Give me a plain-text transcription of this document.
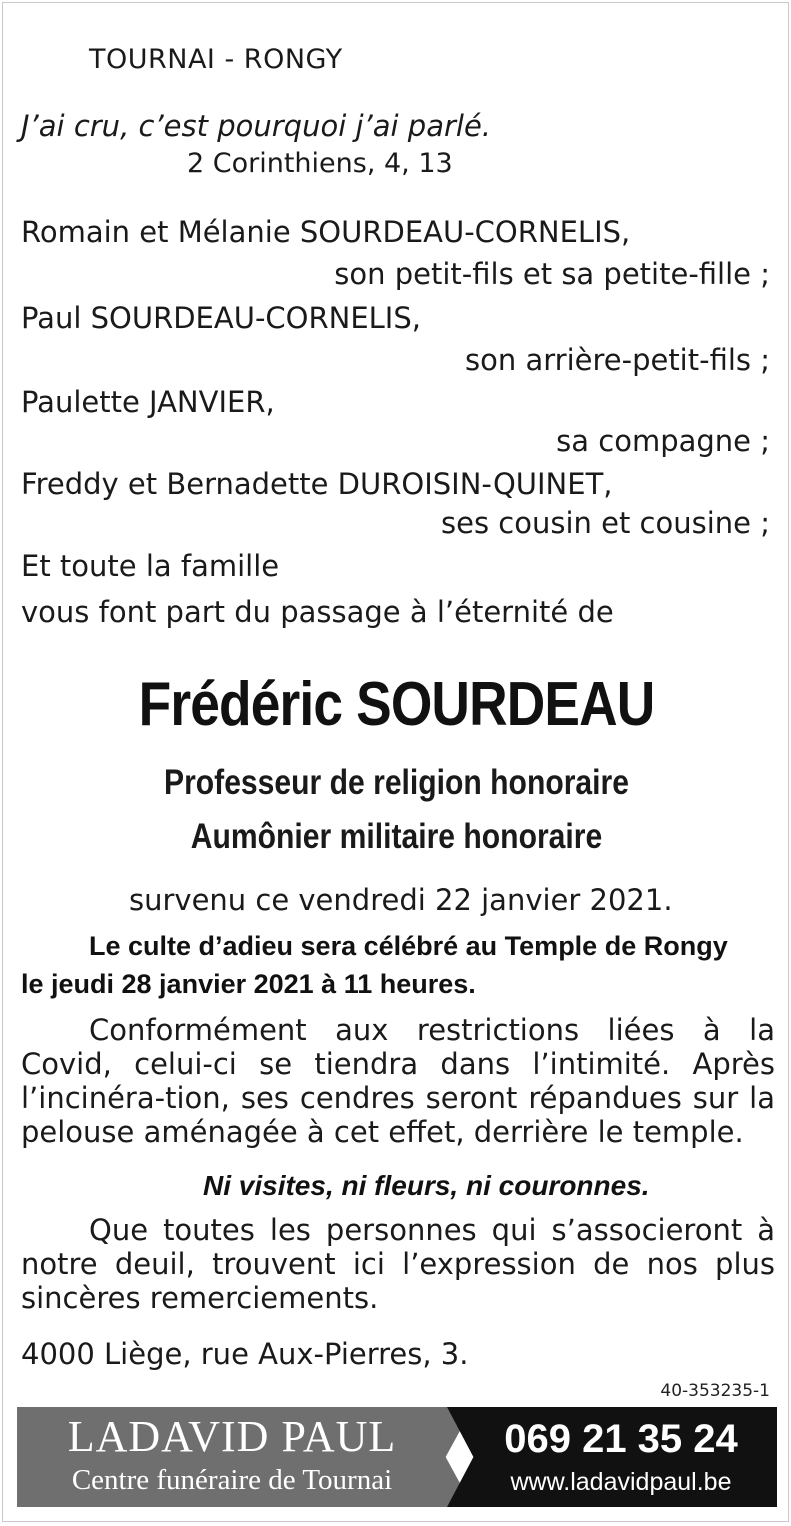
TOURNAI - RONGY
J’ai cru, c’est pourquoi j’ai parlé.
2 Corinthiens, 4, 13
Romain et Mélanie SOURDEAU-CORNELIS,
son petit-fils et sa petite-fille ;
Paul SOURDEAU-CORNELIS,
son arrière-petit-fils ;
Paulette JANVIER,
sa compagne ;
Freddy et Bernadette DUROISIN-QUINET,
ses cousin et cousine ;
Et toute la famille
vous font part du passage à l’éternité de
Frédéric SOURDEAU
Professeur de religion honoraire
Aumônier militaire honoraire
survenu ce vendredi 22 janvier 2021.
Le culte d’adieu sera célébré au Temple de Rongy
le jeudi 28 janvier 2021 à 11 heures.
Conformément aux restrictions liées à la Covid, celui-ci se tiendra dans l’intimité. Après l’incinéra-tion, ses cendres seront répandues sur la pelouse aménagée à cet effet, derrière le temple.
Ni visites, ni fleurs, ni couronnes.
Que toutes les personnes qui s’associeront à notre deuil, trouvent ici l’expression de nos plus sincères remerciements.
4000 Liège, rue Aux-Pierres, 3.
40-353235-1
LADAVID PAUL
Centre funéraire de Tournai
069 21 35 24
www.ladavidpaul.be
